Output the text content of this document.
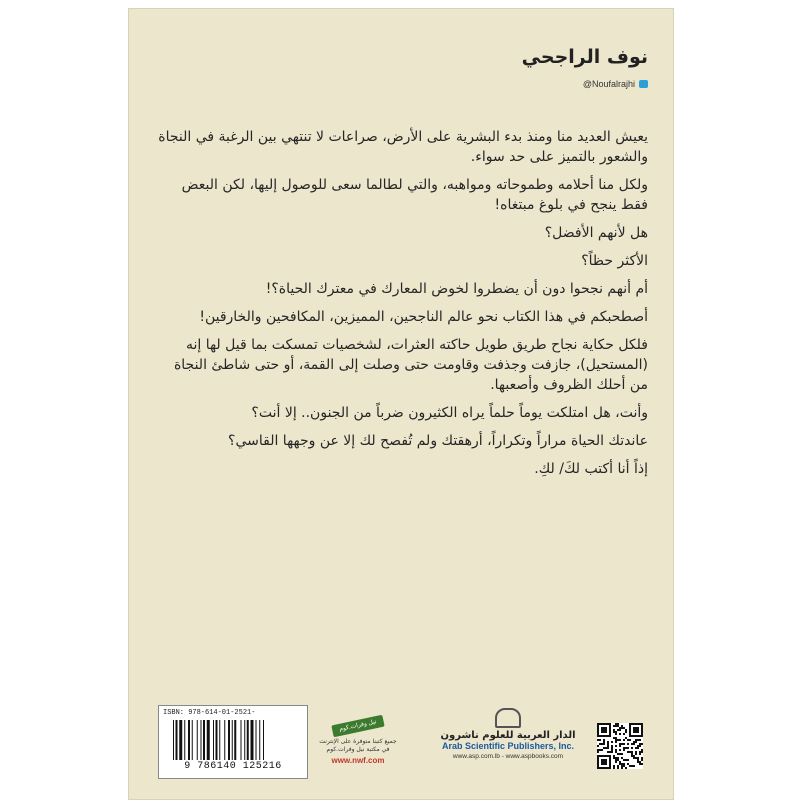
نوف الراجحي
@Noufalrajhi

يعيش العديد منا ومنذ بدء البشرية على الأرض، صراعات لا تنتهي بين الرغبة في النجاة والشعور بالتميز على حد سواء.

ولكل منا أحلامه وطموحاته ومواهبه، والتي لطالما سعى للوصول إليها، لكن البعض فقط ينجح في بلوغ مبتغاه!

هل لأنهم الأفضل؟

الأكثر حظاً؟

أم أنهم نجحوا دون أن يضطروا لخوض المعارك في معترك الحياة؟!

أصطحبكم في هذا الكتاب نحو عالم الناجحين، المميزين، المكافحين والخارقين!

فلكل حكاية نجاح طريق طويل حاكته العثرات، لشخصيات تمسكت بما قيل لها إنه (المستحيل)، جازفت وجذفت وقاومت حتى وصلت إلى القمة، أو حتى شاطئ النجاة من أحلك الظروف وأصعبها.

وأنت، هل امتلكت يوماً حلماً يراه الكثيرون ضرباً من الجنون.. إلا أنت؟

عاندتك الحياة مراراً وتكراراً، أرهقتك ولم تُفصح لك إلا عن وجهها القاسي؟

إذاً أنا أكتب لكَ/ لكِ.

ISBN: 978-614-01-2521-
9 786140 125216
نيل وفرات.كوم
جميع كتبنا متوفرة على الإنترنت في مكتبة نيل وفرات.كوم
www.nwf.com
الدار العربية للعلوم ناشرون
Arab Scientific Publishers, Inc.
www.asp.com.lb - www.aspbooks.com
